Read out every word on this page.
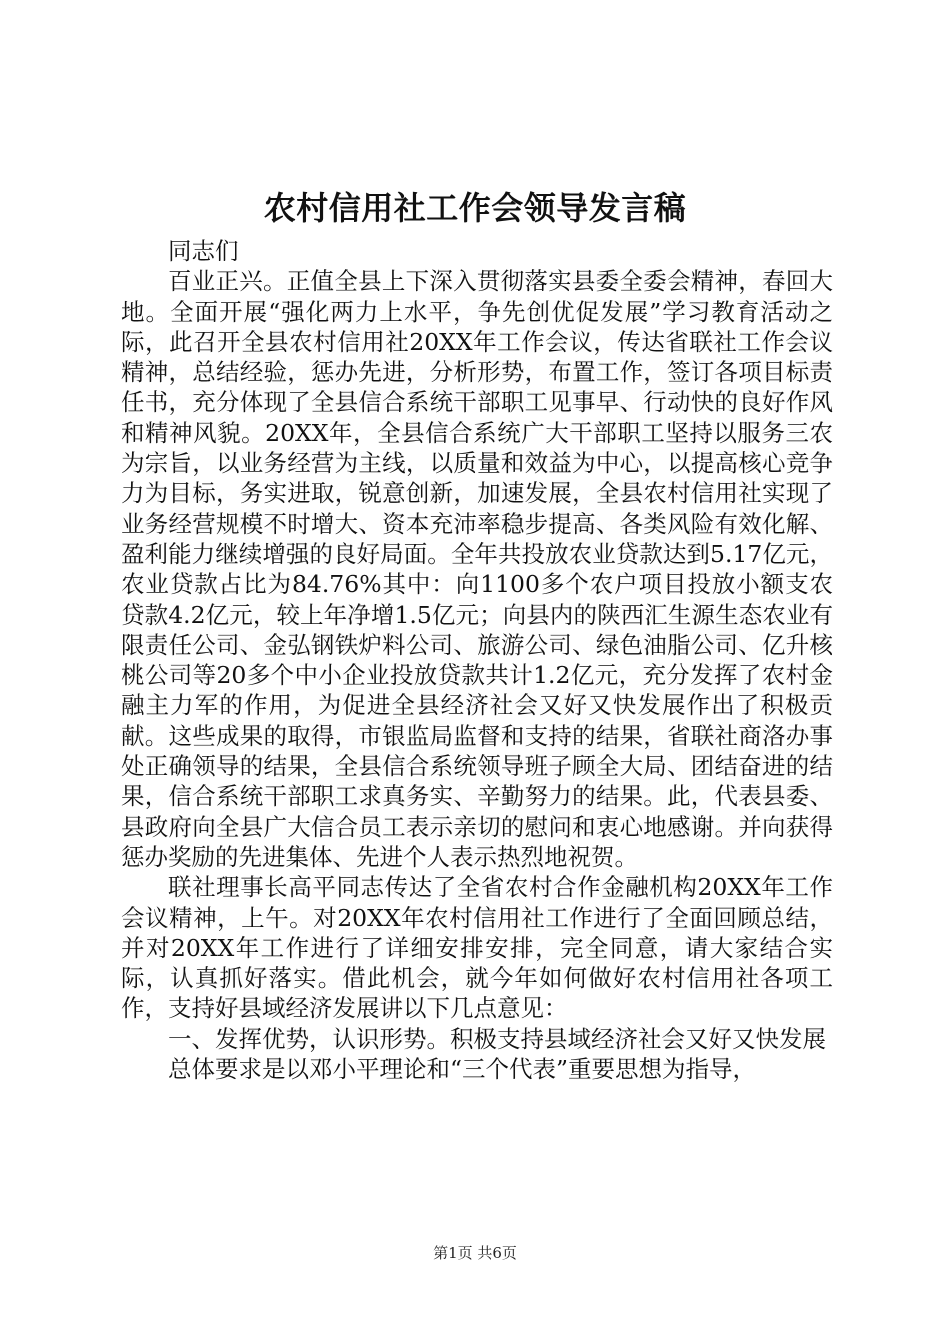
农村信用社工作会领导发言稿

同志们

百业正兴。正值全县上下深入贯彻落实县委全委会精神，春回大地。全面开展“强化两力上水平，争先创优促发展”学习教育活动之际，此召开全县农村信用社20XX年工作会议，传达省联社工作会议精神，总结经验，惩办先进，分析形势，布置工作，签订各项目标责任书，充分体现了全县信合系统干部职工见事早、行动快的良好作风和精神风貌。20XX年，全县信合系统广大干部职工坚持以服务三农为宗旨，以业务经营为主线，以质量和效益为中心，以提高核心竞争力为目标，务实进取，锐意创新，加速发展，全县农村信用社实现了业务经营规模不时增大、资本充沛率稳步提高、各类风险有效化解、盈利能力继续增强的良好局面。全年共投放农业贷款达到5.17亿元，农业贷款占比为84.76%其中：向1100多个农户项目投放小额支农贷款4.2亿元，较上年净增1.5亿元；向县内的陕西汇生源生态农业有限责任公司、金弘钢铁炉料公司、旅游公司、绿色油脂公司、亿升核桃公司等20多个中小企业投放贷款共计1.2亿元，充分发挥了农村金融主力军的作用，为促进全县经济社会又好又快发展作出了积极贡献。这些成果的取得，市银监局监督和支持的结果，省联社商洛办事处正确领导的结果，全县信合系统领导班子顾全大局、团结奋进的结果，信合系统干部职工求真务实、辛勤努力的结果。此，代表县委、县政府向全县广大信合员工表示亲切的慰问和衷心地感谢。并向获得惩办奖励的先进集体、先进个人表示热烈地祝贺。

联社理事长高平同志传达了全省农村合作金融机构20XX年工作会议精神，上午。对20XX年农村信用社工作进行了全面回顾总结，并对20XX年工作进行了详细安排安排，完全同意，请大家结合实际，认真抓好落实。借此机会，就今年如何做好农村信用社各项工作，支持好县域经济发展讲以下几点意见：

一、发挥优势，认识形势。积极支持县域经济社会又好又快发展

总体要求是以邓小平理论和“三个代表”重要思想为指导，

第1页 共6页
